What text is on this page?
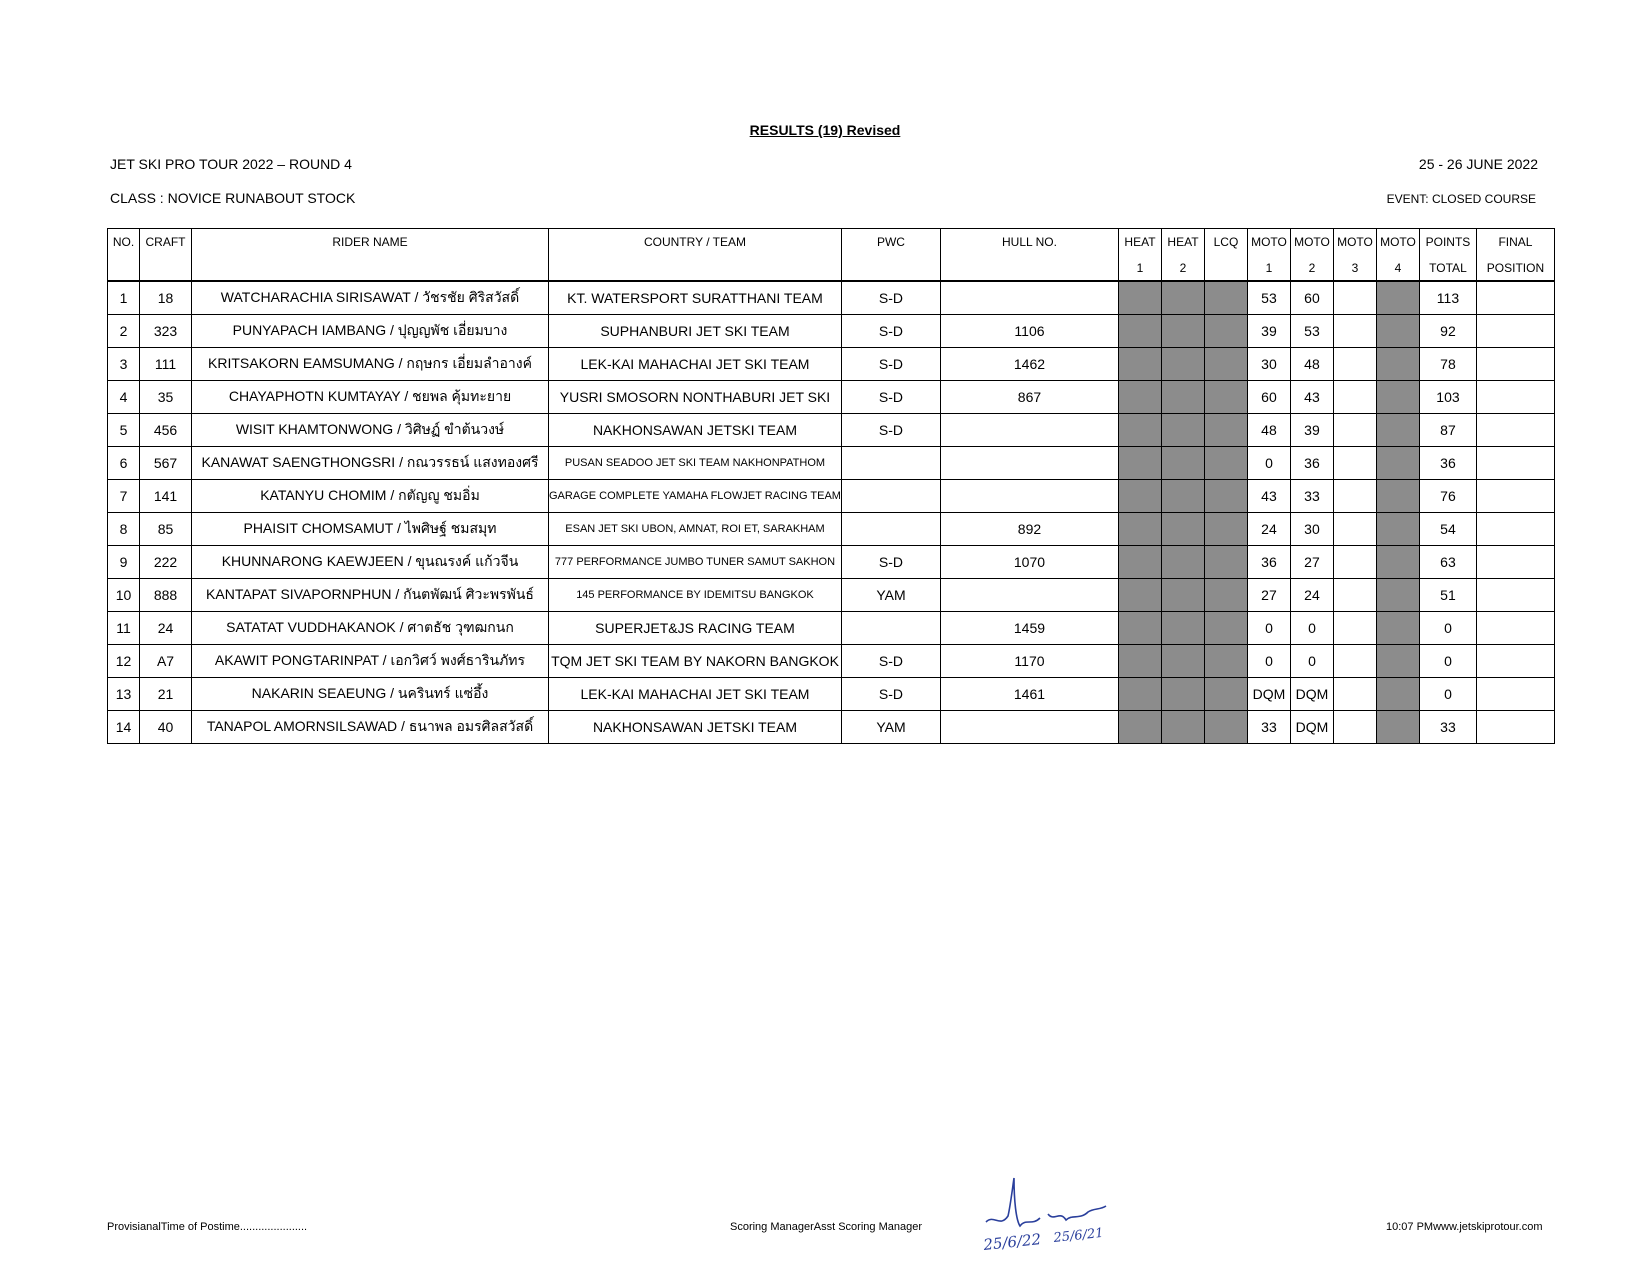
RESULTS (19) Revised
JET SKI PRO TOUR 2022 – ROUND 4	25 - 26 JUNE 2022
CLASS : NOVICE RUNABOUT STOCK	EVENT: CLOSED COURSE
NO.	CRAFT	RIDER NAME	COUNTRY / TEAM	PWC	HULL NO.	HEAT	HEAT	LCQ	MOTO	MOTO	MOTO	MOTO	POINTS	FINAL
						1	2		1	2	3	4	TOTAL	POSITION
1	18	WATCHARACHIA SIRISAWAT / วัชรชัย ศิริสวัสดิ์	KT. WATERSPORT SURATTHANI TEAM	S-D					53	60			113	
2	323	PUNYAPACH IAMBANG / ปุญญพัช เอี่ยมบาง	SUPHANBURI JET SKI TEAM	S-D	1106				39	53			92	
3	111	KRITSAKORN EAMSUMANG / กฤษกร เอี่ยมลำอางค์	LEK-KAI MAHACHAI JET SKI TEAM	S-D	1462				30	48			78	
4	35	CHAYAPHOTN KUMTAYAY / ชยพล คุ้มทะยาย	YUSRI SMOSORN NONTHABURI JET SKI	S-D	867				60	43			103	
5	456	WISIT KHAMTONWONG / วิศิษฏ์ ขำต้นวงษ์	NAKHONSAWAN JETSKI TEAM	S-D					48	39			87	
6	567	KANAWAT SAENGTHONGSRI / กณวรรธน์ แสงทองศรี	PUSAN SEADOO JET SKI TEAM NAKHONPATHOM						0	36			36	
7	141	KATANYU CHOMIM / กตัญญู ชมอิ่ม	GARAGE COMPLETE YAMAHA FLOWJET RACING TEAM						43	33			76	
8	85	PHAISIT CHOMSAMUT / ไพศิษฐ์ ชมสมุท	ESAN JET SKI UBON, AMNAT, ROI ET, SARAKHAM		892				24	30			54	
9	222	KHUNNARONG KAEWJEEN / ขุนณรงค์ แก้วจีน	777 PERFORMANCE JUMBO TUNER SAMUT SAKHON	S-D	1070				36	27			63	
10	888	KANTAPAT SIVAPORNPHUN / กันตพัฒน์ ศิวะพรพันธ์	145 PERFORMANCE BY IDEMITSU BANGKOK	YAM					27	24			51	
11	24	SATATAT VUDDHAKANOK / ศาตธัช วุฑฒกนก	SUPERJET&JS RACING TEAM		1459				0	0			0	
12	A7	AKAWIT PONGTARINPAT / เอกวิศว์ พงศ์ธารินภัทร	TQM JET SKI TEAM BY NAKORN BANGKOK	S-D	1170				0	0			0	
13	21	NAKARIN SEAEUNG / นครินทร์ แซ่อึ้ง	LEK-KAI MAHACHAI JET SKI TEAM	S-D	1461				DQM	DQM			0	
14	40	TANAPOL AMORNSILSAWAD / ธนาพล อมรศิลสวัสดิ์	NAKHONSAWAN JETSKI TEAM	YAM					33	DQM			33	
ProvisianalTime of Postime......................	Scoring ManagerAsst Scoring Manager	10:07 PMwww.jetskiprotour.com
25/6/22 25/6/21
